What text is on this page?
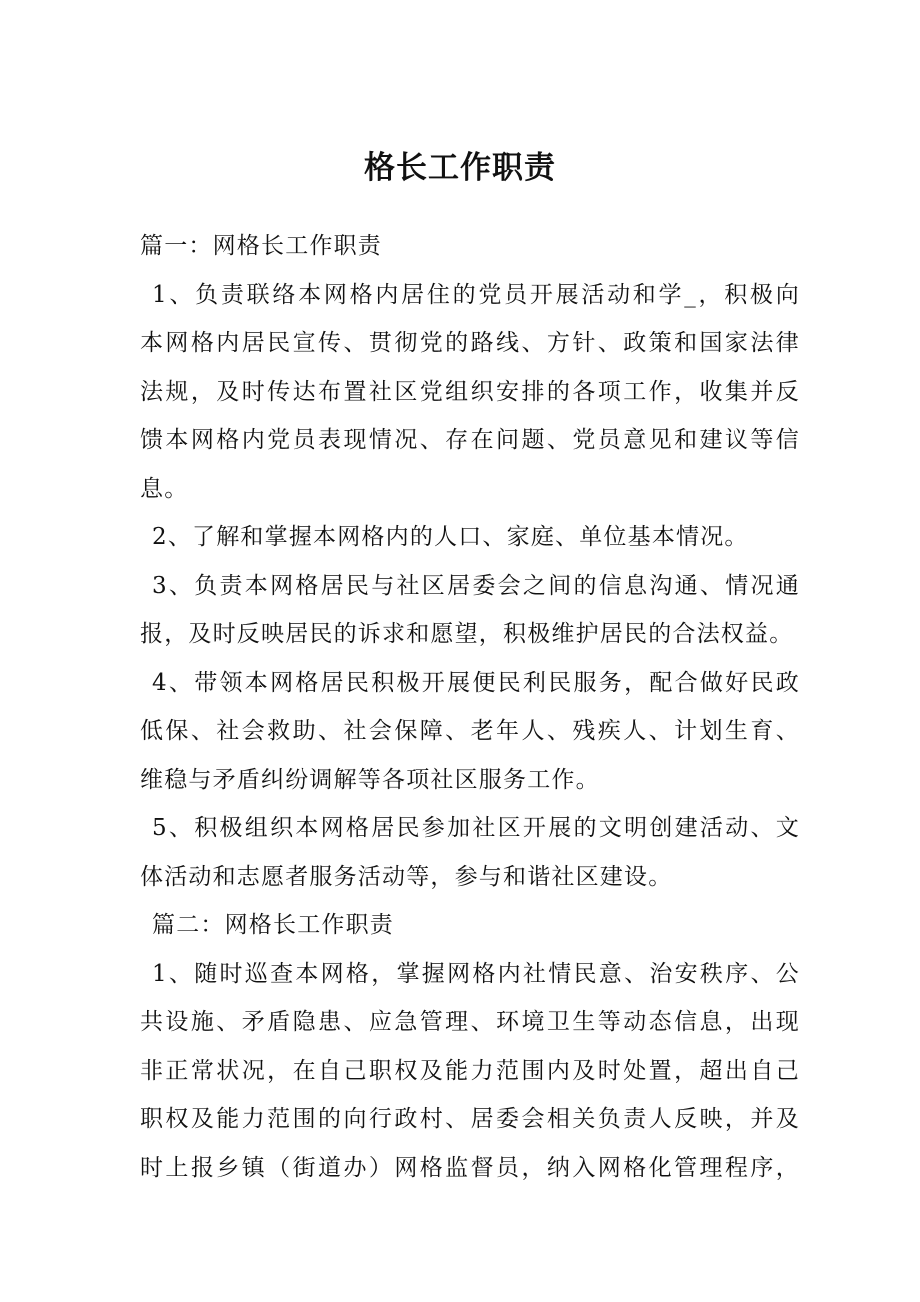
格长工作职责
篇一：网格长工作职责
1、负责联络本网格内居住的党员开展活动和学_，积极向
本网格内居民宣传、贯彻党的路线、方针、政策和国家法律
法规，及时传达布置社区党组织安排的各项工作，收集并反
馈本网格内党员表现情况、存在问题、党员意见和建议等信
息。
2、了解和掌握本网格内的人口、家庭、单位基本情况。
3、负责本网格居民与社区居委会之间的信息沟通、情况通
报，及时反映居民的诉求和愿望，积极维护居民的合法权益。
4、带领本网格居民积极开展便民利民服务，配合做好民政
低保、社会救助、社会保障、老年人、残疾人、计划生育、
维稳与矛盾纠纷调解等各项社区服务工作。
5、积极组织本网格居民参加社区开展的文明创建活动、文
体活动和志愿者服务活动等，参与和谐社区建设。
篇二：网格长工作职责
1、随时巡查本网格，掌握网格内社情民意、治安秩序、公
共设施、矛盾隐患、应急管理、环境卫生等动态信息，出现
非正常状况，在自己职权及能力范围内及时处置，超出自己
职权及能力范围的向行政村、居委会相关负责人反映，并及
时上报乡镇（街道办）网格监督员，纳入网格化管理程序，
